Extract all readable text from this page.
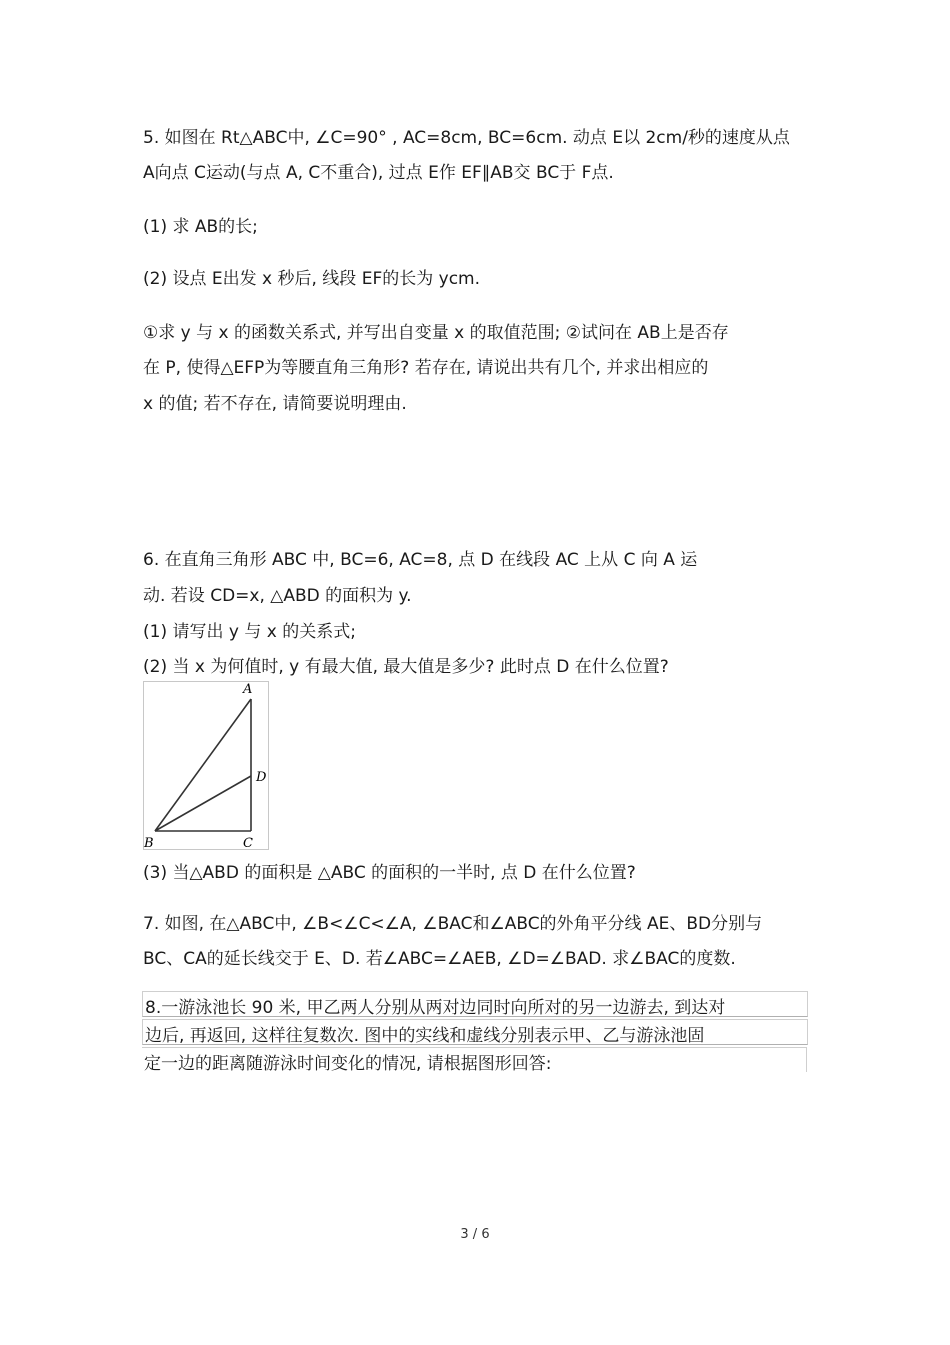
5. 如图在 Rt△ABC中, ∠C=90° , AC=8cm, BC=6cm. 动点 E以 2cm/秒的速度从点
A向点 C运动(与点 A, C不重合), 过点 E作 EF∥AB交 BC于 F点.
(1) 求 AB的长;
(2) 设点 E出发 x 秒后, 线段 EF的长为 ycm.
①求 y 与 x 的函数关系式, 并写出自变量 x 的取值范围; ②试问在 AB上是否存
在 P, 使得△EFP为等腰直角三角形? 若存在, 请说出共有几个, 并求出相应的
x 的值; 若不存在, 请简要说明理由.
6. 在直角三角形 ABC 中, BC=6, AC=8, 点 D 在线段 AC 上从 C 向 A 运
动. 若设 CD=x, △ABD 的面积为 y.
(1) 请写出 y 与 x 的关系式;
(2) 当 x 为何值时, y 有最大值, 最大值是多少? 此时点 D 在什么位置?
A
D
B	C
(3) 当△ABD 的面积是 △ABC 的面积的一半时, 点 D 在什么位置?
7. 如图, 在△ABC中, ∠B<∠C<∠A, ∠BAC和∠ABC的外角平分线 AE、BD分别与
BC、CA的延长线交于 E、D. 若∠ABC=∠AEB, ∠D=∠BAD. 求∠BAC的度数.
8.一游泳池长 90 米, 甲乙两人分别从两对边同时向所对的另一边游去, 到达对
边后, 再返回, 这样往复数次. 图中的实线和虚线分别表示甲、乙与游泳池固
定一边的距离随游泳时间变化的情况, 请根据图形回答:
3 / 6
